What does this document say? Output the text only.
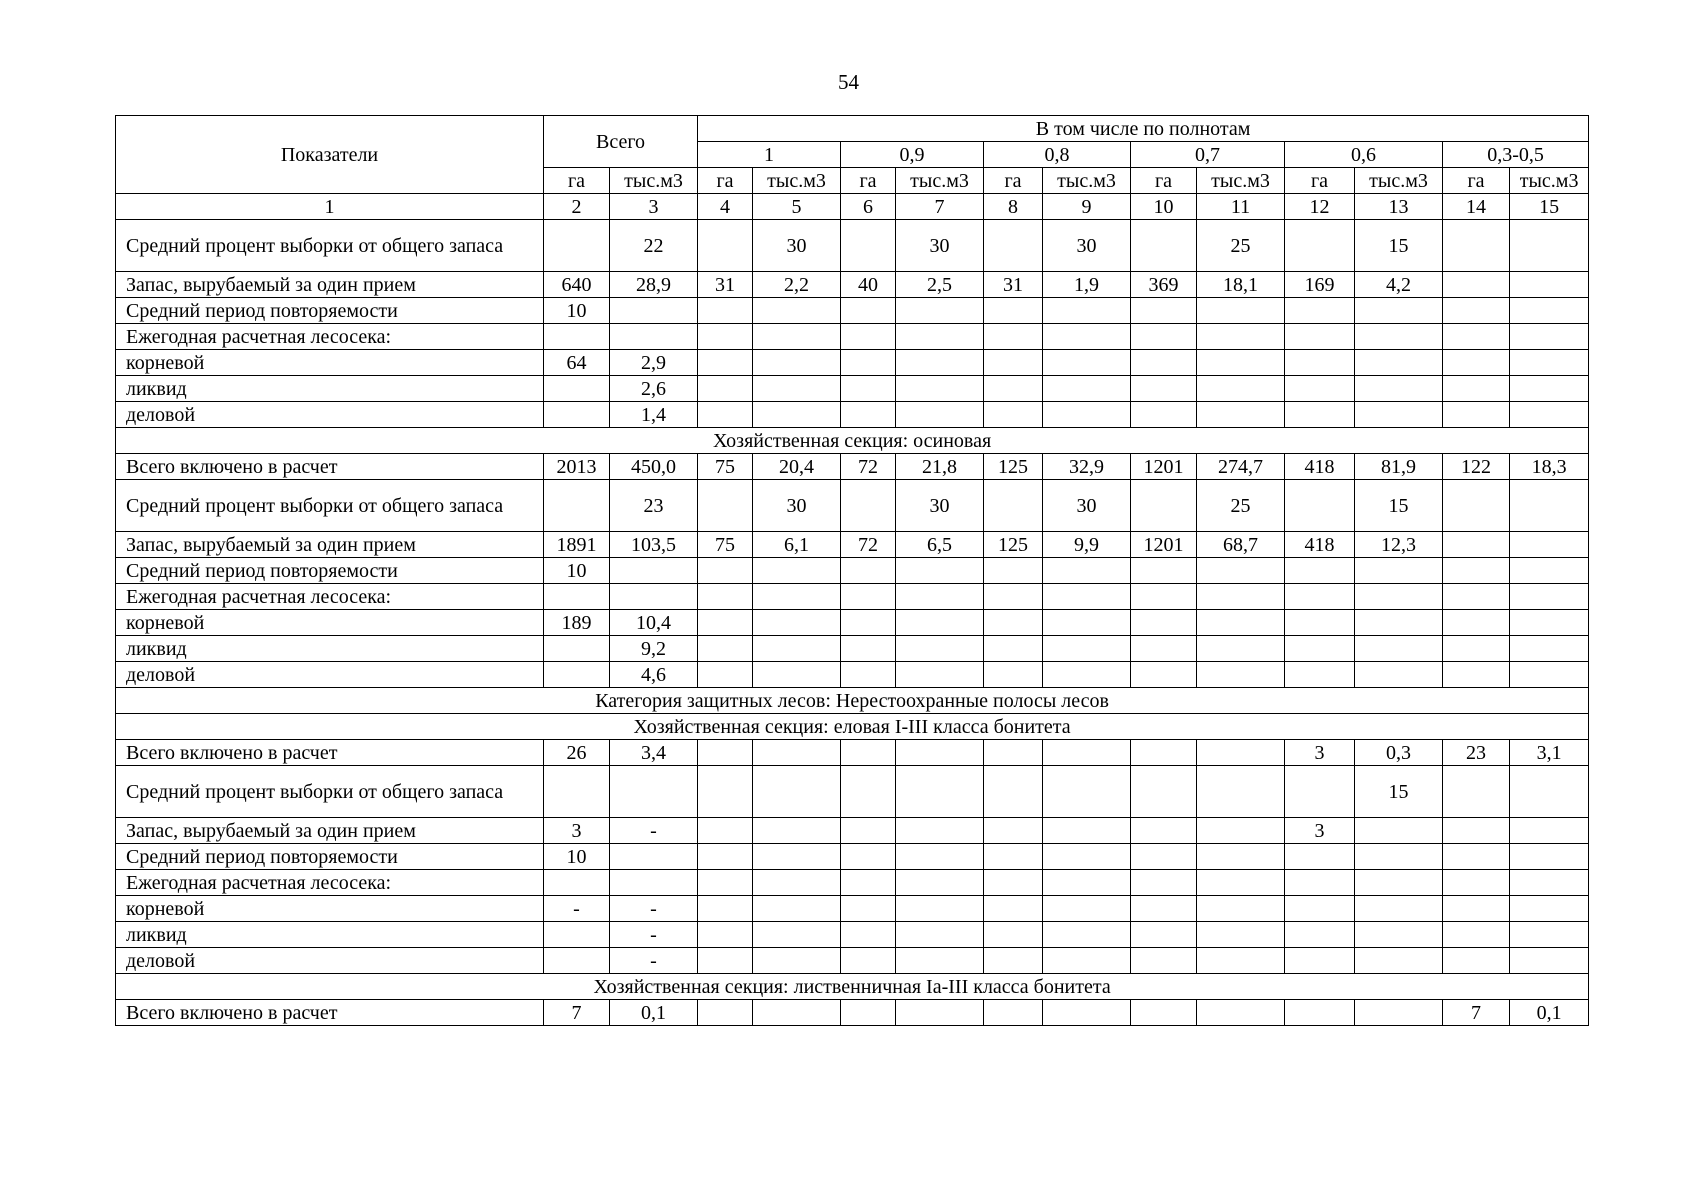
54
Показатели	Всего		В том числе по полнотам											
			1		0,9		0,8		0,7		0,6		0,3-0,5	
	га	тыс.м3	га	тыс.м3	га	тыс.м3	га	тыс.м3	га	тыс.м3	га	тыс.м3	га	тыс.м3
1	2	3	4	5	6	7	8	9	10	11	12	13	14	15
Средний процент выборки от общего запаса		22		30		30		30		25		15		
Запас, вырубаемый за один прием	640	28,9	31	2,2	40	2,5	31	1,9	369	18,1	169	4,2		
Средний период повторяемости	10													
Ежегодная расчетная лесосека:														
корневой	64	2,9												
ликвид		2,6												
деловой		1,4												
Хозяйственная секция: осиновая														
Всего включено в расчет	2013	450,0	75	20,4	72	21,8	125	32,9	1201	274,7	418	81,9	122	18,3
Средний процент выборки от общего запаса		23		30		30		30		25		15		
Запас, вырубаемый за один прием	1891	103,5	75	6,1	72	6,5	125	9,9	1201	68,7	418	12,3		
Средний период повторяемости	10													
Ежегодная расчетная лесосека:														
корневой	189	10,4												
ликвид		9,2												
деловой		4,6												
Категория защитных лесов: Нерестоохранные полосы лесов														
Хозяйственная секция: еловая I-III класса бонитета														
Всего включено в расчет	26	3,4									3	0,3	23	3,1
Средний процент выборки от общего запаса												15		
Запас, вырубаемый за один прием	3	-									3			
Средний период повторяемости	10													
Ежегодная расчетная лесосека:														
корневой	-	-												
ликвид		-												
деловой		-												
Хозяйственная секция: лиственничная Iа-III класса бонитета														
Всего включено в расчет	7	0,1											7	0,1
